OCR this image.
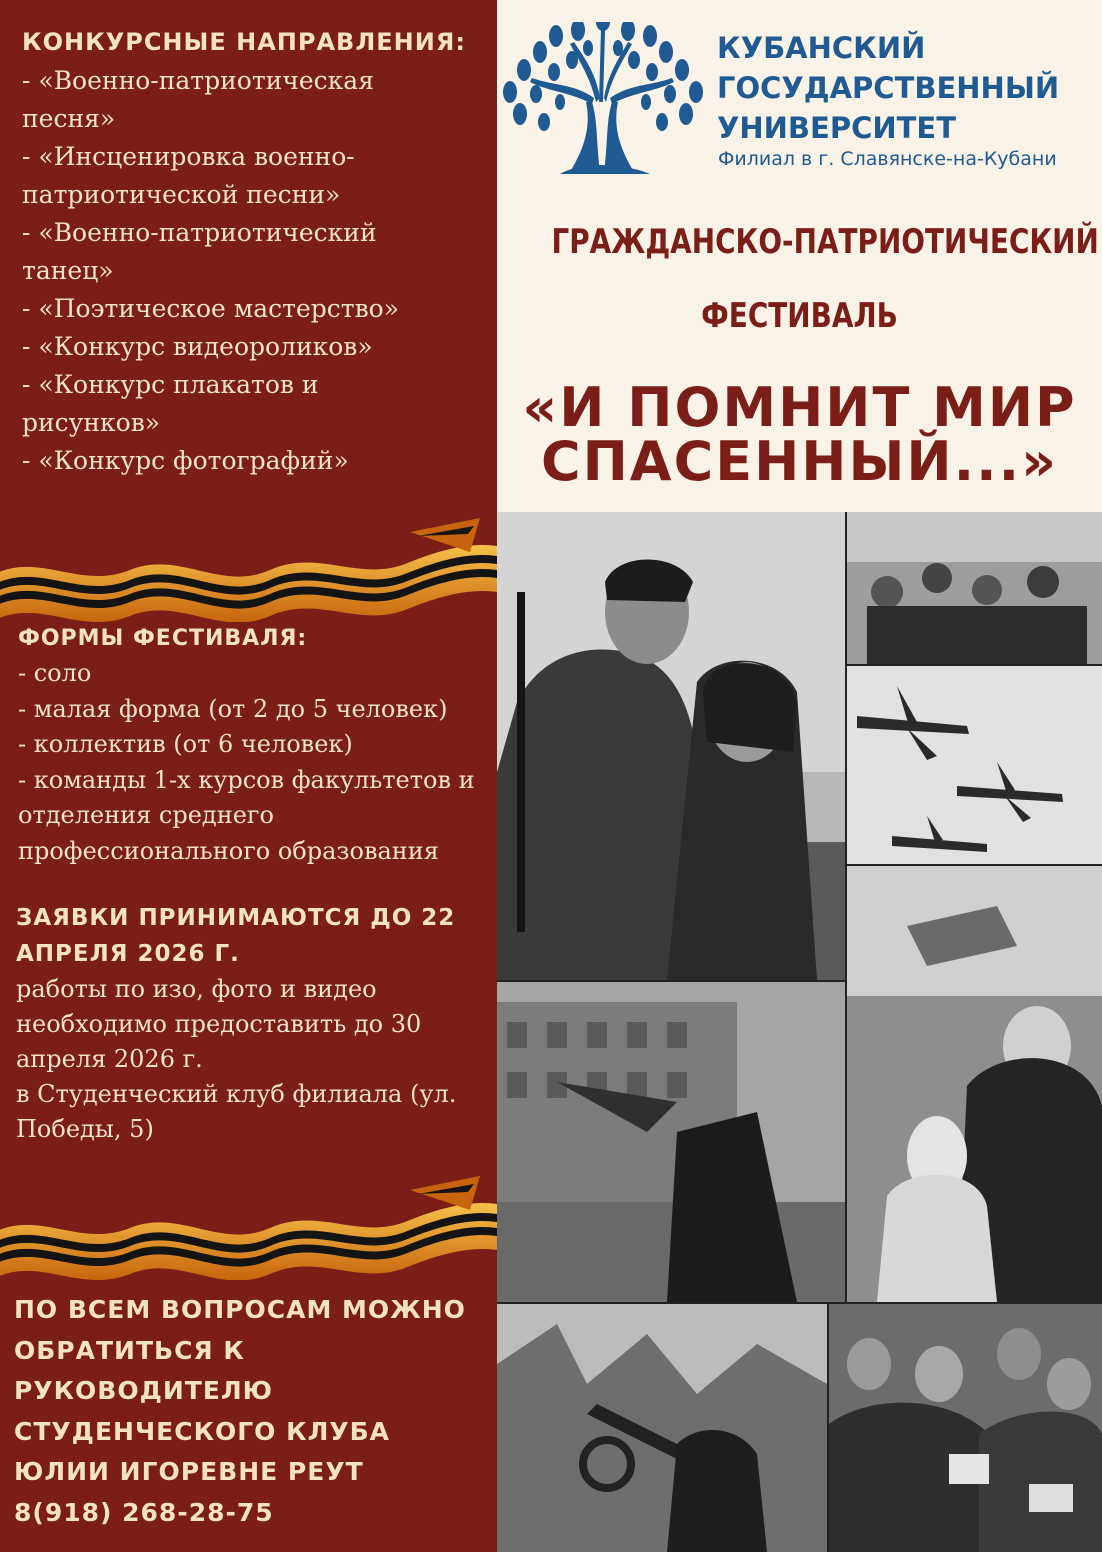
КОНКУРСНЫЕ НАПРАВЛЕНИЯ:
- «Военно-патриотическая
песня»
- «Инсценировка военно-
патриотической песни»
- «Военно-патриотический
танец»
- «Поэтическое мастерство»
- «Конкурс видеороликов»
- «Конкурс плакатов и
рисунков»
- «Конкурс фотографий»
ФОРМЫ ФЕСТИВАЛЯ:
- соло
- малая форма (от 2 до 5 человек)
- коллектив (от 6 человек)
- команды 1-х курсов факультетов и
отделения среднего
профессионального образования
ЗАЯВКИ ПРИНИМАЮТСЯ ДО 22
АПРЕЛЯ 2026 Г.
работы по изо, фото и видео
необходимо предоставить до 30
апреля 2026 г.
в Студенческий клуб филиала (ул.
Победы, 5)
ПО ВСЕМ ВОПРОСАМ МОЖНО
ОБРАТИТЬСЯ К
РУКОВОДИТЕЛЮ
СТУДЕНЧЕСКОГО КЛУБА
ЮЛИИ ИГОРЕВНЕ РЕУТ
8(918) 268-28-75
КУБАНСКИЙ
ГОСУДАРСТВЕННЫЙ
УНИВЕРСИТЕТ
Филиал в г. Славянске-на-Кубани
ГРАЖДАНСКО-ПАТРИОТИЧЕСКИЙ
ФЕСТИВАЛЬ
«И ПОМНИТ МИР
СПАСЕННЫЙ...»
